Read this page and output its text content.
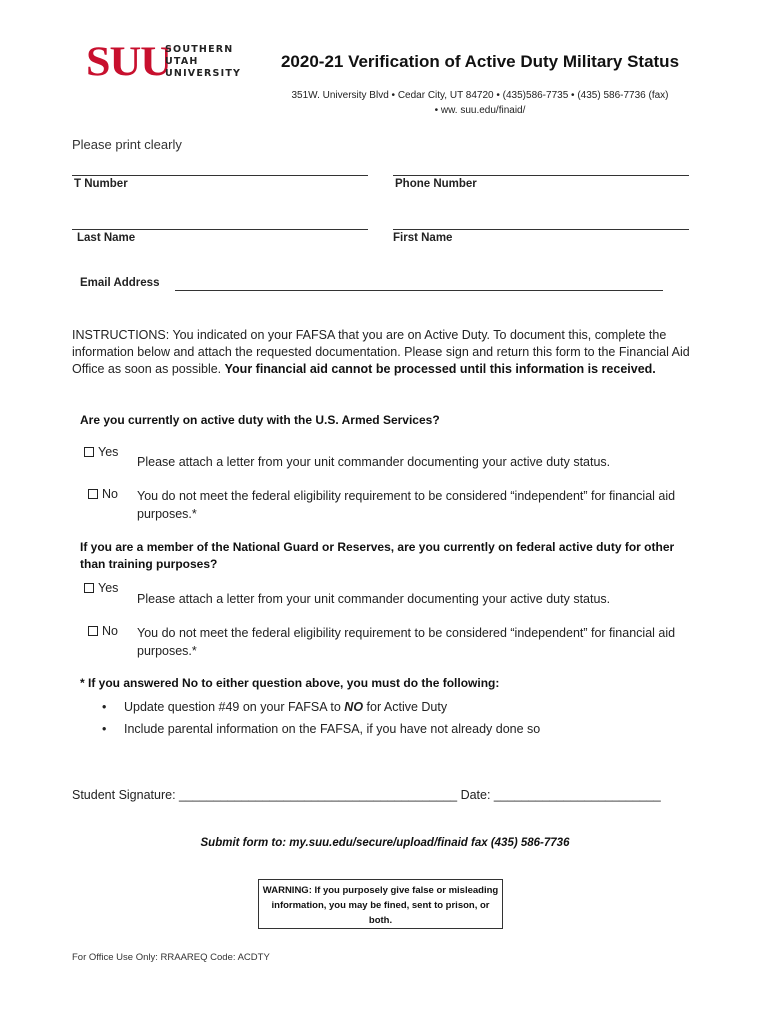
SUU
SOUTHERN
UTAH
UNIVERSITY
2020-21 Verification of Active Duty Military Status
351W. University Blvd • Cedar City, UT 84720 • (435)586-7735 • (435) 586-7736 (fax)
• ww. suu.edu/finaid/
Please print clearly
T Number	Phone Number
Last Name	First Name
Email Address
INSTRUCTIONS: You indicated on your FAFSA that you are on Active Duty. To document this, complete the information below and attach the requested documentation. Please sign and return this form to the Financial Aid Office as soon as possible. Your financial aid cannot be processed until this information is received.
Are you currently on active duty with the U.S. Armed Services?
Yes
Please attach a letter from your unit commander documenting your active duty status.
No You do not meet the federal eligibility requirement to be considered “independent” for financial aid purposes.*
If you are a member of the National Guard or Reserves, are you currently on federal active duty for other than training purposes?
Yes
Please attach a letter from your unit commander documenting your active duty status.
No You do not meet the federal eligibility requirement to be considered “independent” for financial aid purposes.*
* If you answered No to either question above, you must do the following:
• Update question #49 on your FAFSA to NO for Active Duty
• Include parental information on the FAFSA, if you have not already done so
Student Signature: ________________________________________ Date: ________________________
Submit form to: my.suu.edu/secure/upload/finaid fax (435) 586-7736
WARNING: If you purposely give false or misleading information, you may be fined, sent to prison, or both.
For Office Use Only: RRAAREQ Code: ACDTY
